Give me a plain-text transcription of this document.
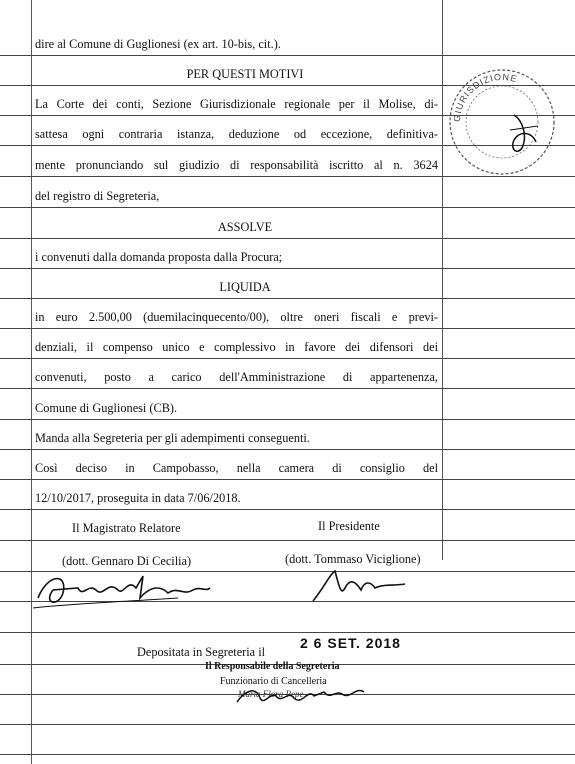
dire al Comune di Guglionesi (ex art. 10-bis, cit.).
PER QUESTI MOTIVI
La Corte dei conti, Sezione Giurisdizionale regionale per il Molise, di-
sattesa ogni contraria istanza, deduzione od eccezione, definitiva-
mente pronunciando sul giudizio di responsabilità iscritto al n. 3624
del registro di Segreteria,
ASSOLVE
i convenuti dalla domanda proposta dalla Procura;
LIQUIDA
in euro 2.500,00 (duemilacinquecento/00), oltre oneri fiscali e previ-
denziali, il compenso unico e complessivo in favore dei difensori dei
convenuti, posto a carico dell'Amministrazione di appartenenza,
Comune di Guglionesi (CB).
Manda alla Segreteria per gli adempimenti conseguenti.
Così deciso in Campobasso, nella camera di consiglio del
12/10/2017, proseguita in data 7/06/2018.
Il Magistrato Relatore	Il Presidente
(dott. Gennaro Di Cecilia)	(dott. Tommaso Viciglione)
GIURISDIZIONE
Depositata in Segreteria il
2 6 SET. 2018
Il Responsabile della Segreteria
Funzionario di Cancelleria
Maria Flora Pepe
